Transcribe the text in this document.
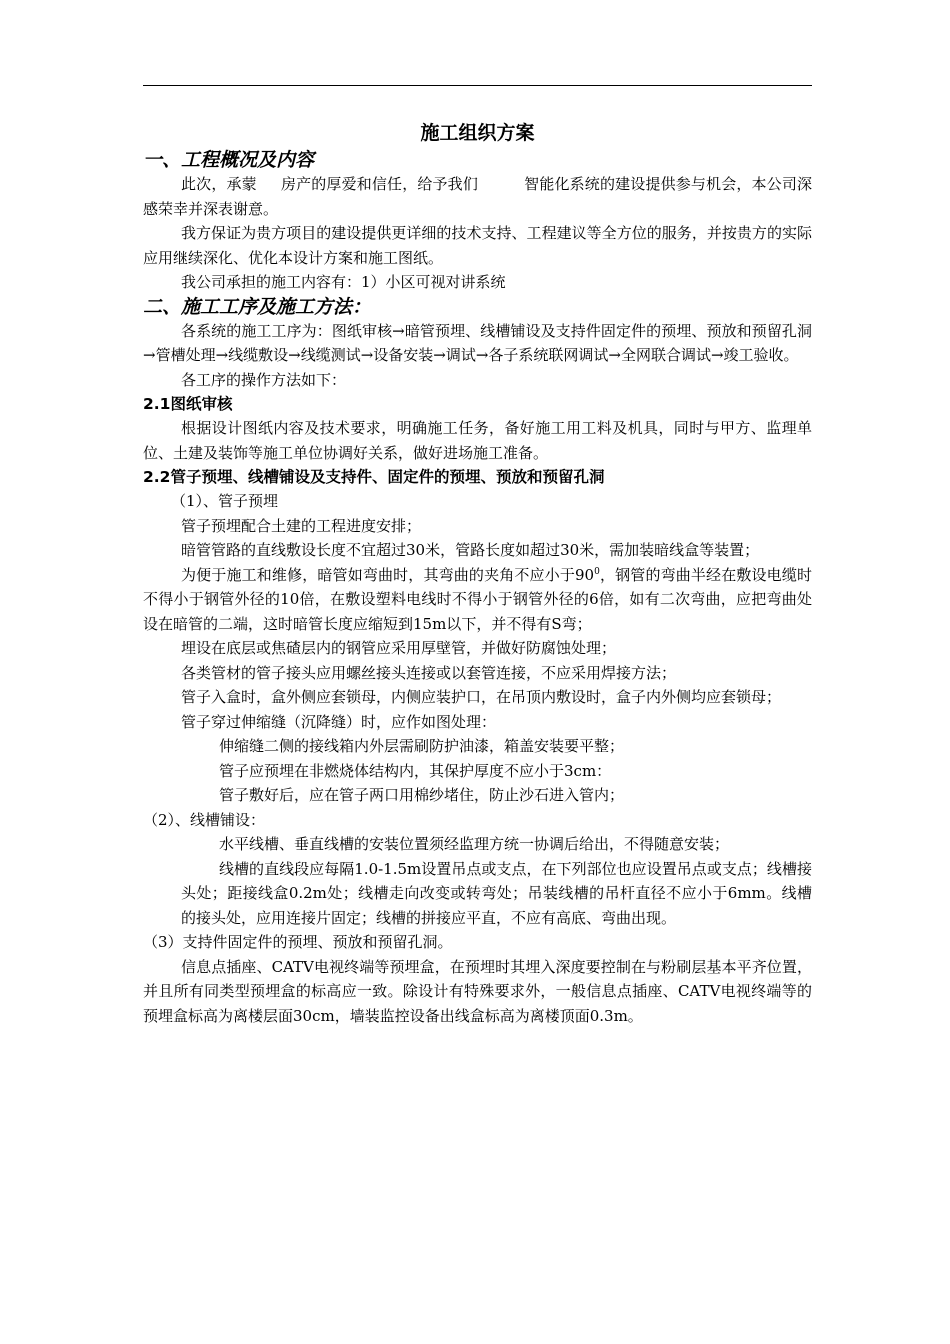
施工组织方案
一、工程概况及内容

此次，承蒙 房产的厚爱和信任，给予我们	智能化系统的建设提供参与机会，本公司深感荣幸并深表谢意。

我方保证为贵方项目的建设提供更详细的技术支持、工程建议等全方位的服务，并按贵方的实际应用继续深化、优化本设计方案和施工图纸。

我公司承担的施工内容有：1）小区可视对讲系统

二、施工工序及施工方法：

各系统的施工工序为：图纸审核→暗管预埋、线槽铺设及支持件固定件的预埋、预放和预留孔洞→管槽处理→线缆敷设→线缆测试→设备安装→调试→各子系统联网调试→全网联合调试→竣工验收。

各工序的操作方法如下：

2.1图纸审核

根据设计图纸内容及技术要求，明确施工任务，备好施工用工料及机具，同时与甲方、监理单位、土建及装饰等施工单位协调好关系，做好进场施工准备。

2.2管子预埋、线槽铺设及支持件、固定件的预埋、预放和预留孔洞

（1）、管子预埋

管子预埋配合土建的工程进度安排；

暗管管路的直线敷设长度不宜超过30米，管路长度如超过30米，需加装暗线盒等装置；

为便于施工和维修，暗管如弯曲时，其弯曲的夹角不应小于$90^0$，钢管的弯曲半经在敷设电缆时不得小于钢管外径的10倍，在敷设塑料电线时不得小于钢管外径的6倍，如有二次弯曲，应把弯曲处设在暗管的二端，这时暗管长度应缩短到15m以下，并不得有S弯；

埋设在底层或焦碴层内的钢管应采用厚壁管，并做好防腐蚀处理；

各类管材的管子接头应用螺丝接头连接或以套管连接，不应采用焊接方法；

管子入盒时，盒外侧应套锁母，内侧应装护口，在吊顶内敷设时，盒子内外侧均应套锁母；

管子穿过伸缩缝（沉降缝）时，应作如图处理：

伸缩缝二侧的接线箱内外层需刷防护油漆，箱盖安装要平整；

管子应预埋在非燃烧体结构内，其保护厚度不应小于3cm：

管子敷好后，应在管子两口用棉纱堵住，防止沙石进入管内；

（2）、线槽铺设：

水平线槽、垂直线槽的安装位置须经监理方统一协调后给出，不得随意安装；

线槽的直线段应每隔1.0-1.5m设置吊点或支点，在下列部位也应设置吊点或支点；线槽接头处；距接线盒0.2m处；线槽走向改变或转弯处；吊装线槽的吊杆直径不应小于6mm。线槽的接头处，应用连接片固定；线槽的拼接应平直，不应有高底、弯曲出现。

（3）支持件固定件的预埋、预放和预留孔洞。

信息点插座、CATV电视终端等预埋盒，在预埋时其埋入深度要控制在与粉刷层基本平齐位置，并且所有同类型预埋盒的标高应一致。除设计有特殊要求外，一般信息点插座、CATV电视终端等的预埋盒标高为离楼层面30cm，墙装监控设备出线盒标高为离楼顶面0.3m。
